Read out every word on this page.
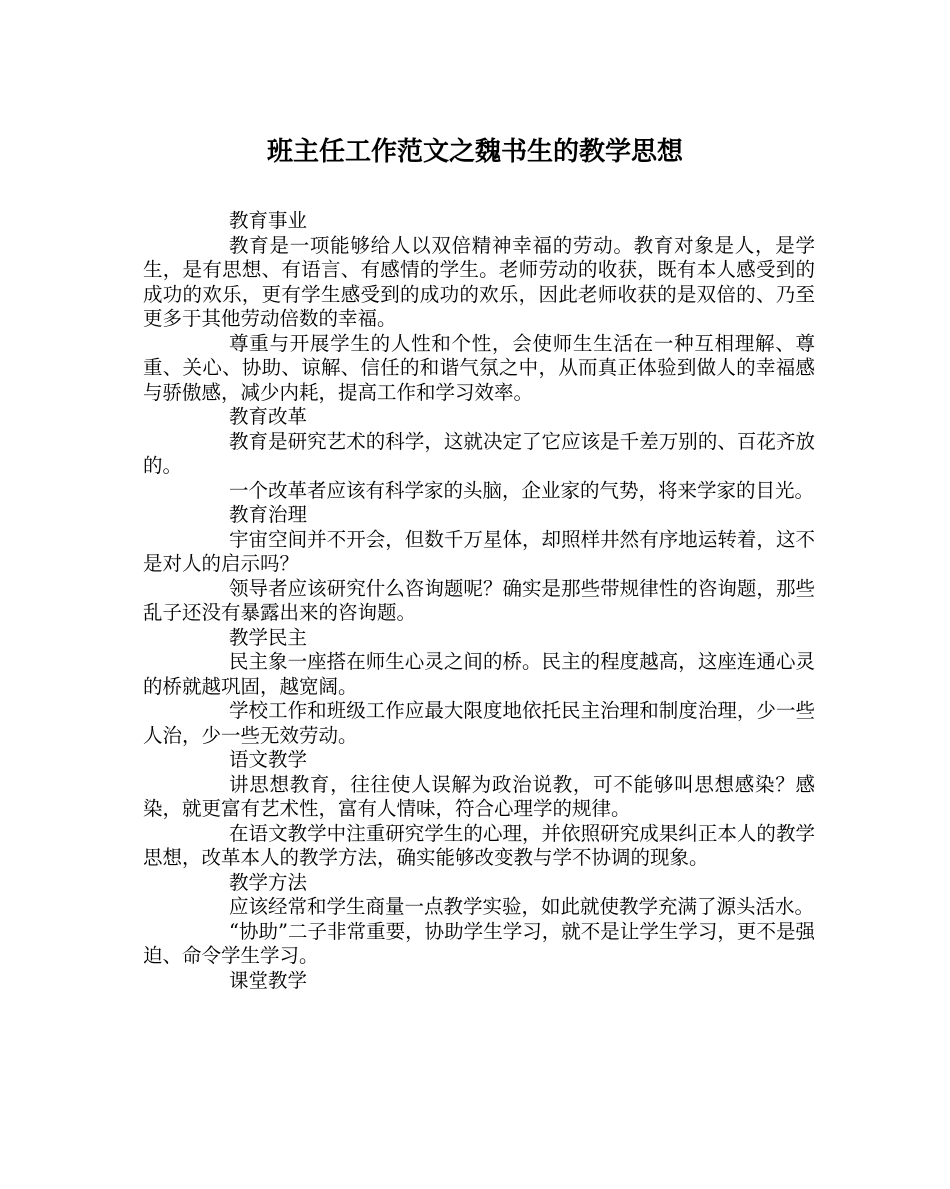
班主任工作范文之魏书生的教学思想

教育事业

教育是一项能够给人以双倍精神幸福的劳动。教育对象是人，是学生，是有思想、有语言、有感情的学生。老师劳动的收获，既有本人感受到的成功的欢乐，更有学生感受到的成功的欢乐，因此老师收获的是双倍的、乃至更多于其他劳动倍数的幸福。

尊重与开展学生的人性和个性，会使师生生活在一种互相理解、尊重、关心、协助、谅解、信任的和谐气氛之中，从而真正体验到做人的幸福感与骄傲感，减少内耗，提高工作和学习效率。

教育改革

教育是研究艺术的科学，这就决定了它应该是千差万别的、百花齐放的。

一个改革者应该有科学家的头脑，企业家的气势，将来学家的目光。

教育治理

宇宙空间并不开会，但数千万星体，却照样井然有序地运转着，这不是对人的启示吗？

领导者应该研究什么咨询题呢？确实是那些带规律性的咨询题，那些乱子还没有暴露出来的咨询题。

教学民主

民主象一座搭在师生心灵之间的桥。民主的程度越高，这座连通心灵的桥就越巩固，越宽阔。

学校工作和班级工作应最大限度地依托民主治理和制度治理，少一些人治，少一些无效劳动。

语文教学

讲思想教育，往往使人误解为政治说教，可不能够叫思想感染？感染，就更富有艺术性，富有人情味，符合心理学的规律。

在语文教学中注重研究学生的心理，并依照研究成果纠正本人的教学思想，改革本人的教学方法，确实能够改变教与学不协调的现象。

教学方法

应该经常和学生商量一点教学实验，如此就使教学充满了源头活水。

“协助”二子非常重要，协助学生学习，就不是让学生学习，更不是强迫、命令学生学习。

课堂教学
